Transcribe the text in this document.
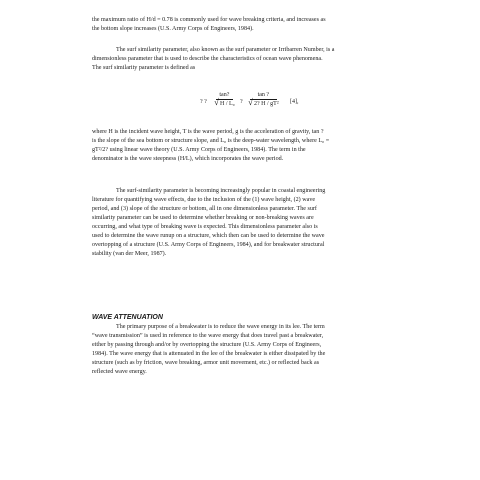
the maximum ratio of H/d = 0.78 is commonly used for wave breaking criteria, and increases as
the bottom slope increases (U.S. Army Corps of Engineers, 1984).
The surf similarity parameter, also known as the surf parameter or Irribarren Number, is a
dimensionless parameter that is used to describe the characteristics of ocean wave phenomena.
The surf similarity parameter is defined as
? ?
tan?
√ H / L₀ ?
tan ?
√ 2? H / gT² [4],
where H is the incident wave height, T is the wave period, g is the acceleration of gravity, tan ?
is the slope of the sea bottom or structure slope, and L₀ is the deep-water wavelength, where L₀ =
gT²/2? using linear wave theory (U.S. Army Corps of Engineers, 1984). The term in the
denominator is the wave steepness (H/L), which incorporates the wave period.
The surf-similarity parameter is becoming increasingly popular in coastal engineering
literature for quantifying wave effects, due to the inclusion of the (1) wave height, (2) wave
period, and (3) slope of the structure or bottom, all in one dimensionless parameter. The surf
similarity parameter can be used to determine whether breaking or non-breaking waves are
occurring, and what type of breaking wave is expected. This dimensionless parameter also is
used to determine the wave runup on a structure, which then can be used to determine the wave
overtopping of a structure (U.S. Army Corps of Engineers, 1984), and for breakwater structural
stability (van der Meer, 1987).
WAVE ATTENUATION
The primary purpose of a breakwater is to reduce the wave energy in its lee. The term
“wave transmission” is used in reference to the wave energy that does travel past a breakwater,
either by passing through and/or by overtopping the structure (U.S. Army Corps of Engineers,
1984). The wave energy that is attenuated in the lee of the breakwater is either dissipated by the
structure (such as by friction, wave breaking, armor unit movement, etc.) or reflected back as
reflected wave energy.
